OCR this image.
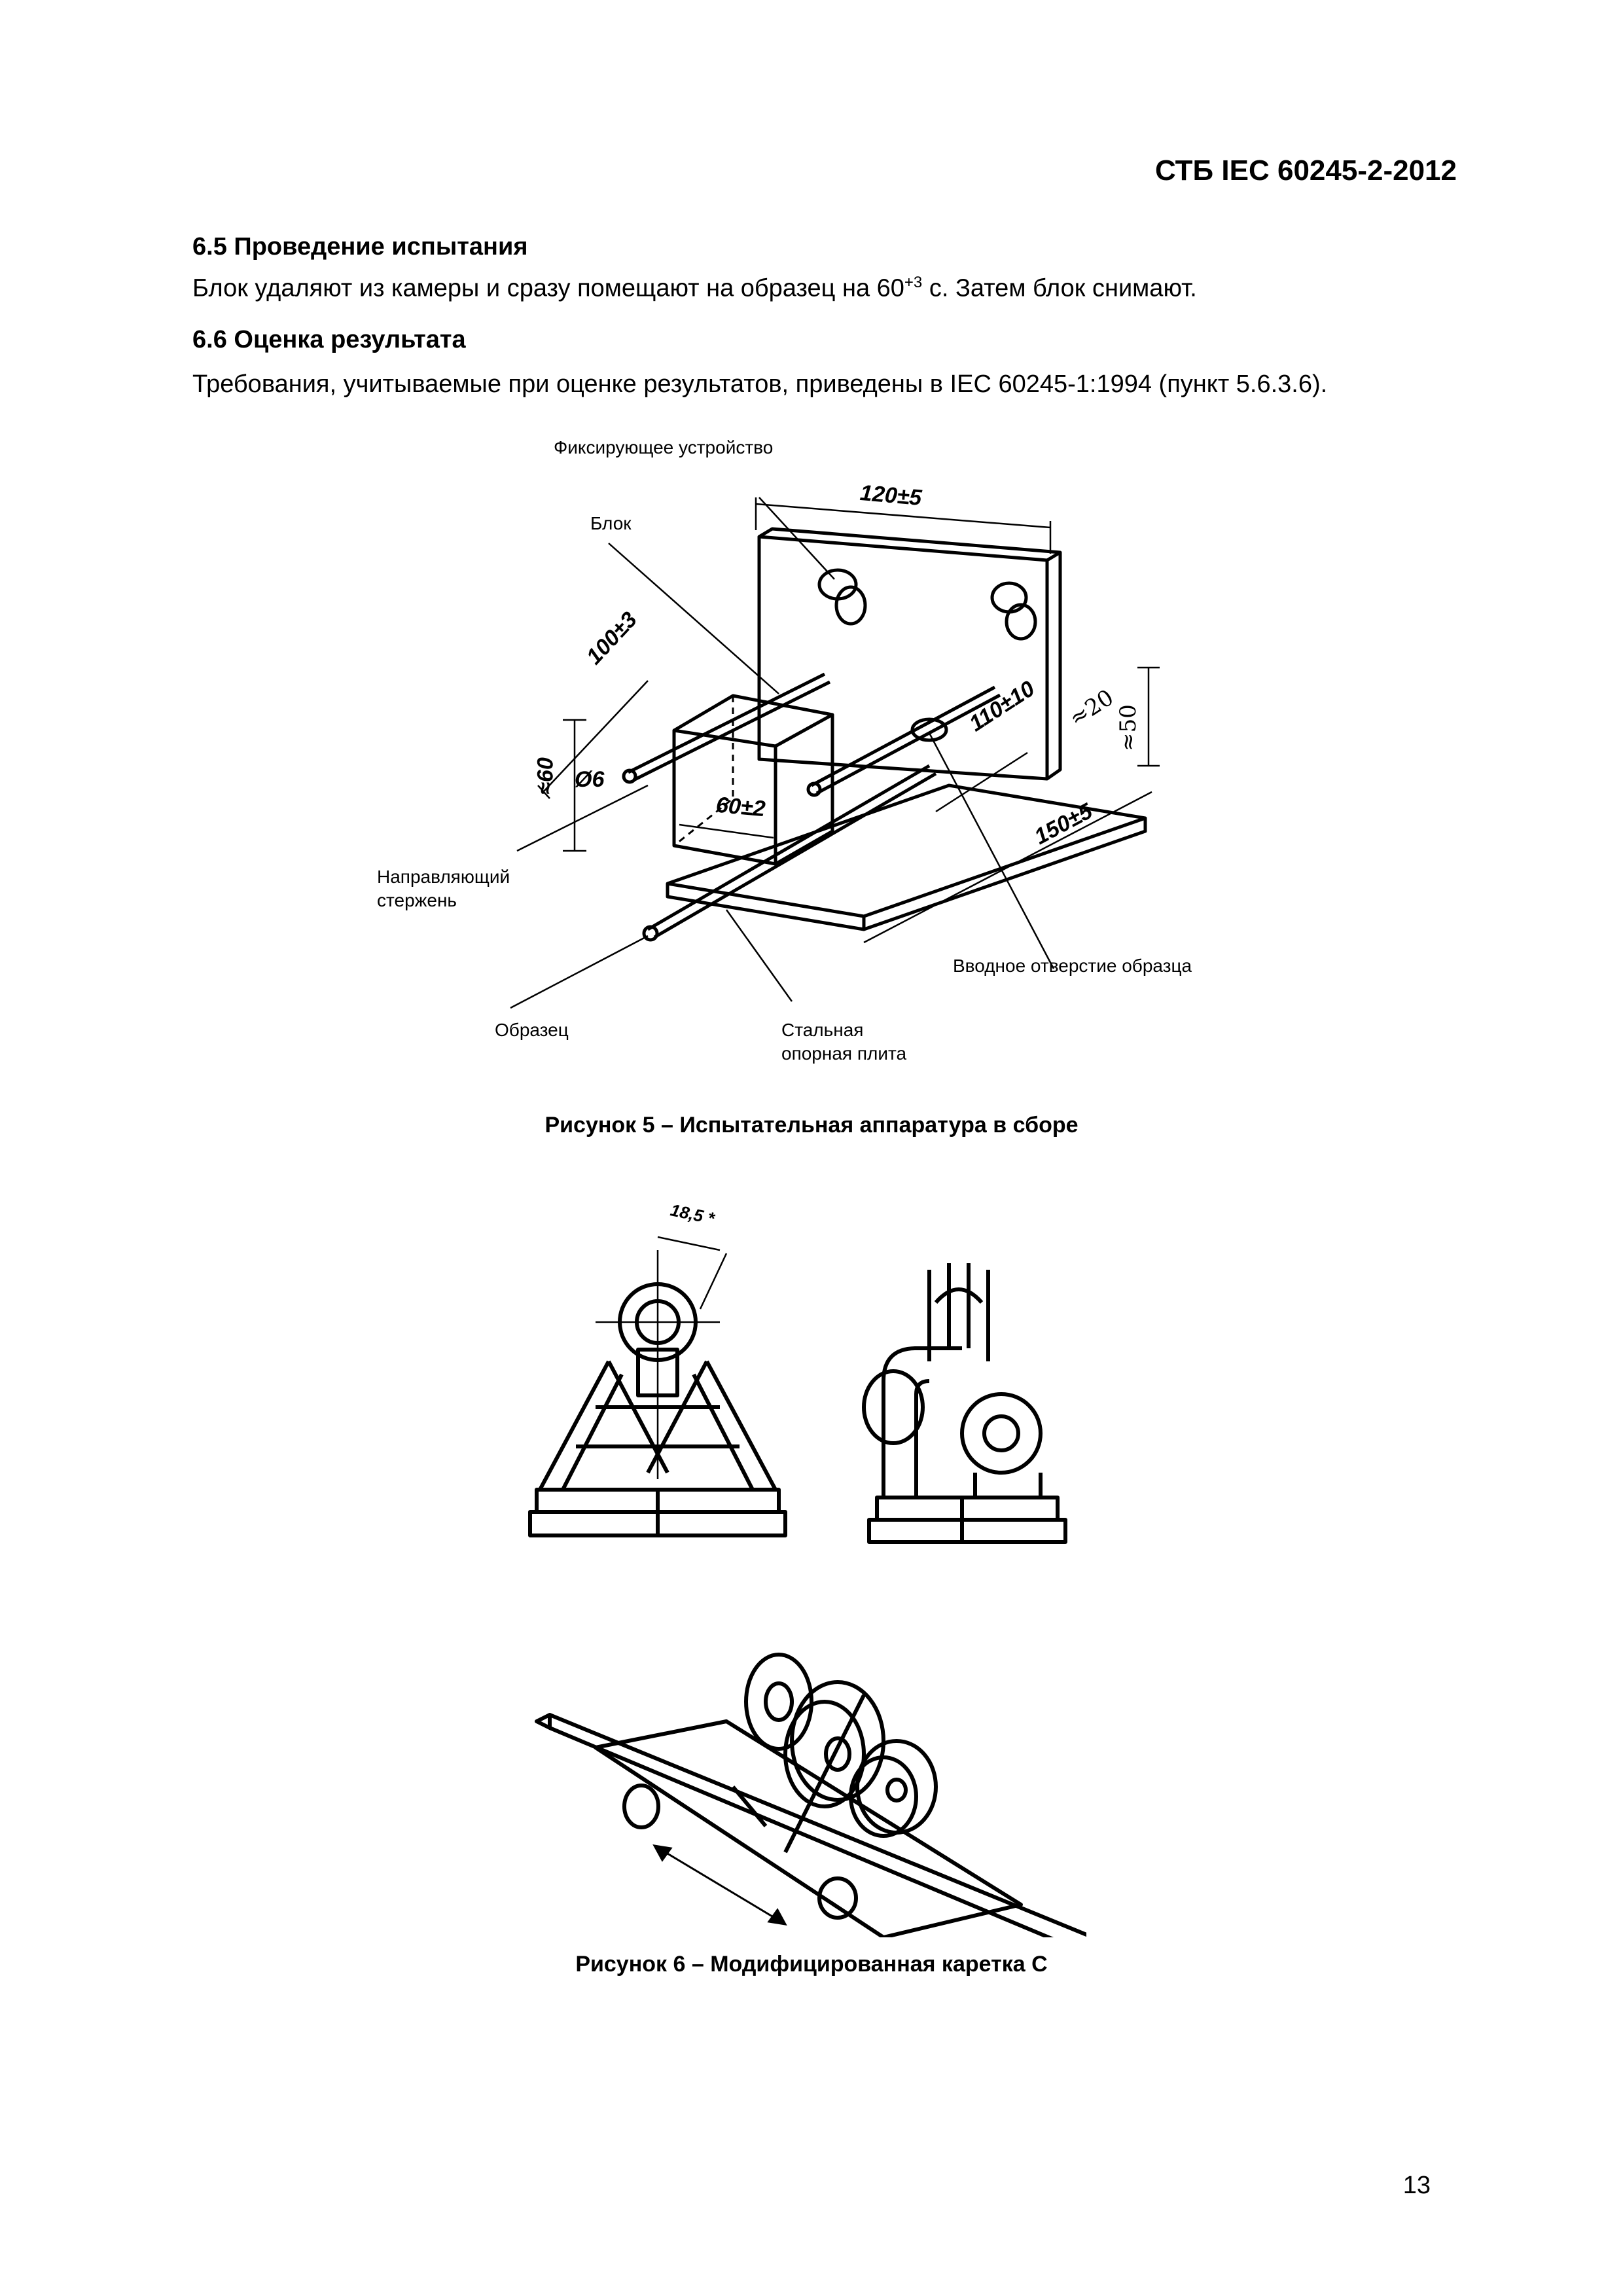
СТБ IEC 60245-2-2012
6.5 Проведение испытания
Блок удаляют из камеры и сразу помещают на образец на $60^{+3}$ с. Затем блок снимают.
6.6 Оценка результата
Требования, учитываемые при оценке результатов, приведены в IEC 60245-1:1994 (пункт 5.6.3.6).
Фиксирующее устройство
Блок
Направляющий
стержень
Образец	Стальная
опорная плита
Вводное отверстие образца
120±5
100±3
110±10 ≈20
≈50
150±5
≈60 Ø6
60±2
Рисунок 5 – Испытательная аппаратура в сборе
18,5 *
Рисунок 6 – Модифицированная каретка С
13
